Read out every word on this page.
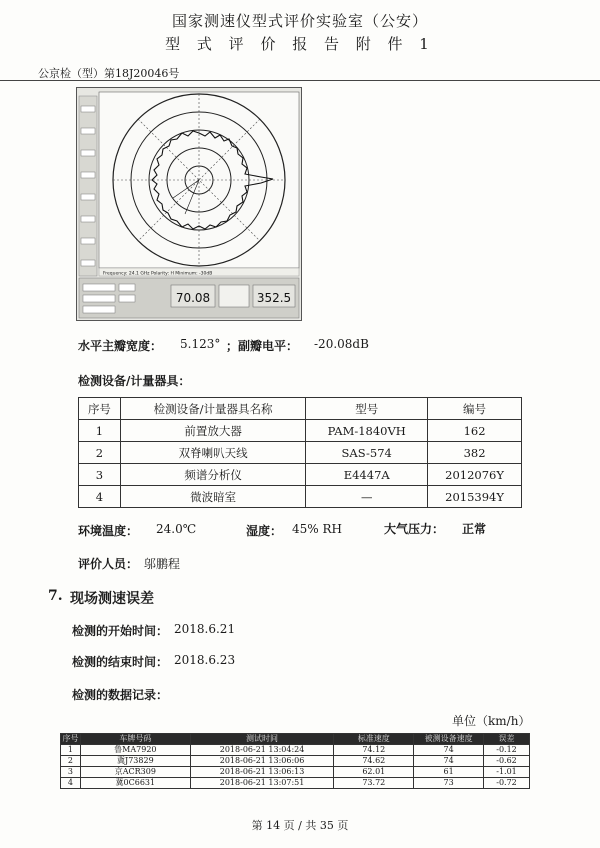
国家测速仪型式评价实验室（公安）
型 式 评 价 报 告 附 件 1
公京检（型）第18J20046号
Frequency: 24.1 GHz Polarity: H Minimum: -30dB
70.08	352.5
水平主瓣宽度： 5.123° ；副瓣电平： -20.08dB
检测设备/计量器具：
序号	检测设备/计量器具名称	型号	编号
1	前置放大器	PAM-1840VH	162
2	双脊喇叭天线	SAS-574	382
3	频谱分析仪	E4447A	2012076Y
4	微波暗室	—	2015394Y
环境温度： 24.0℃	湿度： 45% RH	大气压力： 正常
评价人员： 邬鹏程
7. 现场测速误差
检测的开始时间： 2018.6.21
检测的结束时间： 2018.6.23
检测的数据记录：
单位（km/h）
序号	车牌号码	测试时间	标准速度	被测设备速度	误差
1	鲁MA7920	2018-06-21 13:04:24	74.12	74	-0.12
2	冀J73829	2018-06-21 13:06:06	74.62	74	-0.62
3	京ACR309	2018-06-21 13:06:13	62.01	61	-1.01
4	冀0C6631	2018-06-21 13:07:51	73.72	73	-0.72
第 14 页 / 共 35 页
